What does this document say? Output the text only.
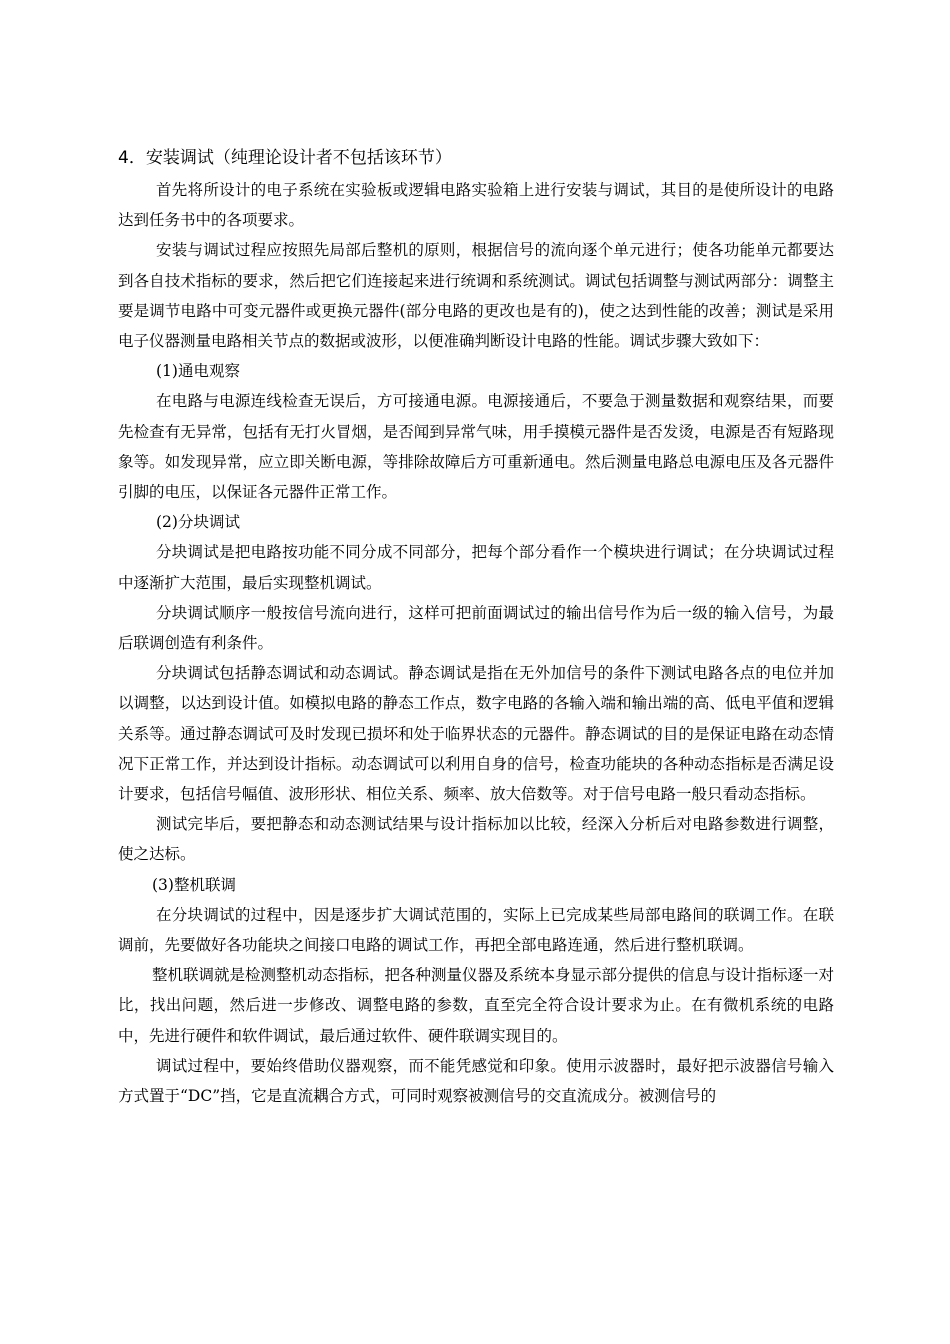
4．安装调试（纯理论设计者不包括该环节）

首先将所设计的电子系统在实验板或逻辑电路实验箱上进行安装与调试，其目的是使所设计的电路达到任务书中的各项要求。

安装与调试过程应按照先局部后整机的原则，根据信号的流向逐个单元进行；使各功能单元都要达到各自技术指标的要求，然后把它们连接起来进行统调和系统测试。调试包括调整与测试两部分：调整主要是调节电路中可变元器件或更换元器件(部分电路的更改也是有的)，使之达到性能的改善；测试是采用电子仪器测量电路相关节点的数据或波形，以便准确判断设计电路的性能。调试步骤大致如下：

(1)通电观察

在电路与电源连线检查无误后，方可接通电源。电源接通后，不要急于测量数据和观察结果，而要先检查有无异常，包括有无打火冒烟，是否闻到异常气味，用手摸模元器件是否发烫，电源是否有短路现象等。如发现异常，应立即关断电源，等排除故障后方可重新通电。然后测量电路总电源电压及各元器件引脚的电压，以保证各元器件正常工作。

(2)分块调试

分块调试是把电路按功能不同分成不同部分，把每个部分看作一个模块进行调试；在分块调试过程中逐渐扩大范围，最后实现整机调试。

分块调试顺序一般按信号流向进行，这样可把前面调试过的输出信号作为后一级的输入信号，为最后联调创造有利条件。

分块调试包括静态调试和动态调试。静态调试是指在无外加信号的条件下测试电路各点的电位并加以调整，以达到设计值。如模拟电路的静态工作点，数字电路的各输入端和输出端的高、低电平值和逻辑关系等。通过静态调试可及时发现已损坏和处于临界状态的元器件。静态调试的目的是保证电路在动态情况下正常工作，并达到设计指标。动态调试可以利用自身的信号，检查功能块的各种动态指标是否满足设计要求，包括信号幅值、波形形状、相位关系、频率、放大倍数等。对于信号电路一般只看动态指标。

测试完毕后，要把静态和动态测试结果与设计指标加以比较，经深入分析后对电路参数进行调整，使之达标。

(3)整机联调

在分块调试的过程中，因是逐步扩大调试范围的，实际上已完成某些局部电路间的联调工作。在联调前，先要做好各功能块之间接口电路的调试工作，再把全部电路连通，然后进行整机联调。

整机联调就是检测整机动态指标，把各种测量仪器及系统本身显示部分提供的信息与设计指标逐一对比，找出问题，然后进一步修改、调整电路的参数，直至完全符合设计要求为止。在有微机系统的电路中，先进行硬件和软件调试，最后通过软件、硬件联调实现目的。

调试过程中，要始终借助仪器观察，而不能凭感觉和印象。使用示波器时，最好把示波器信号输入方式置于“DC”挡，它是直流耦合方式，可同时观察被测信号的交直流成分。被测信号的
